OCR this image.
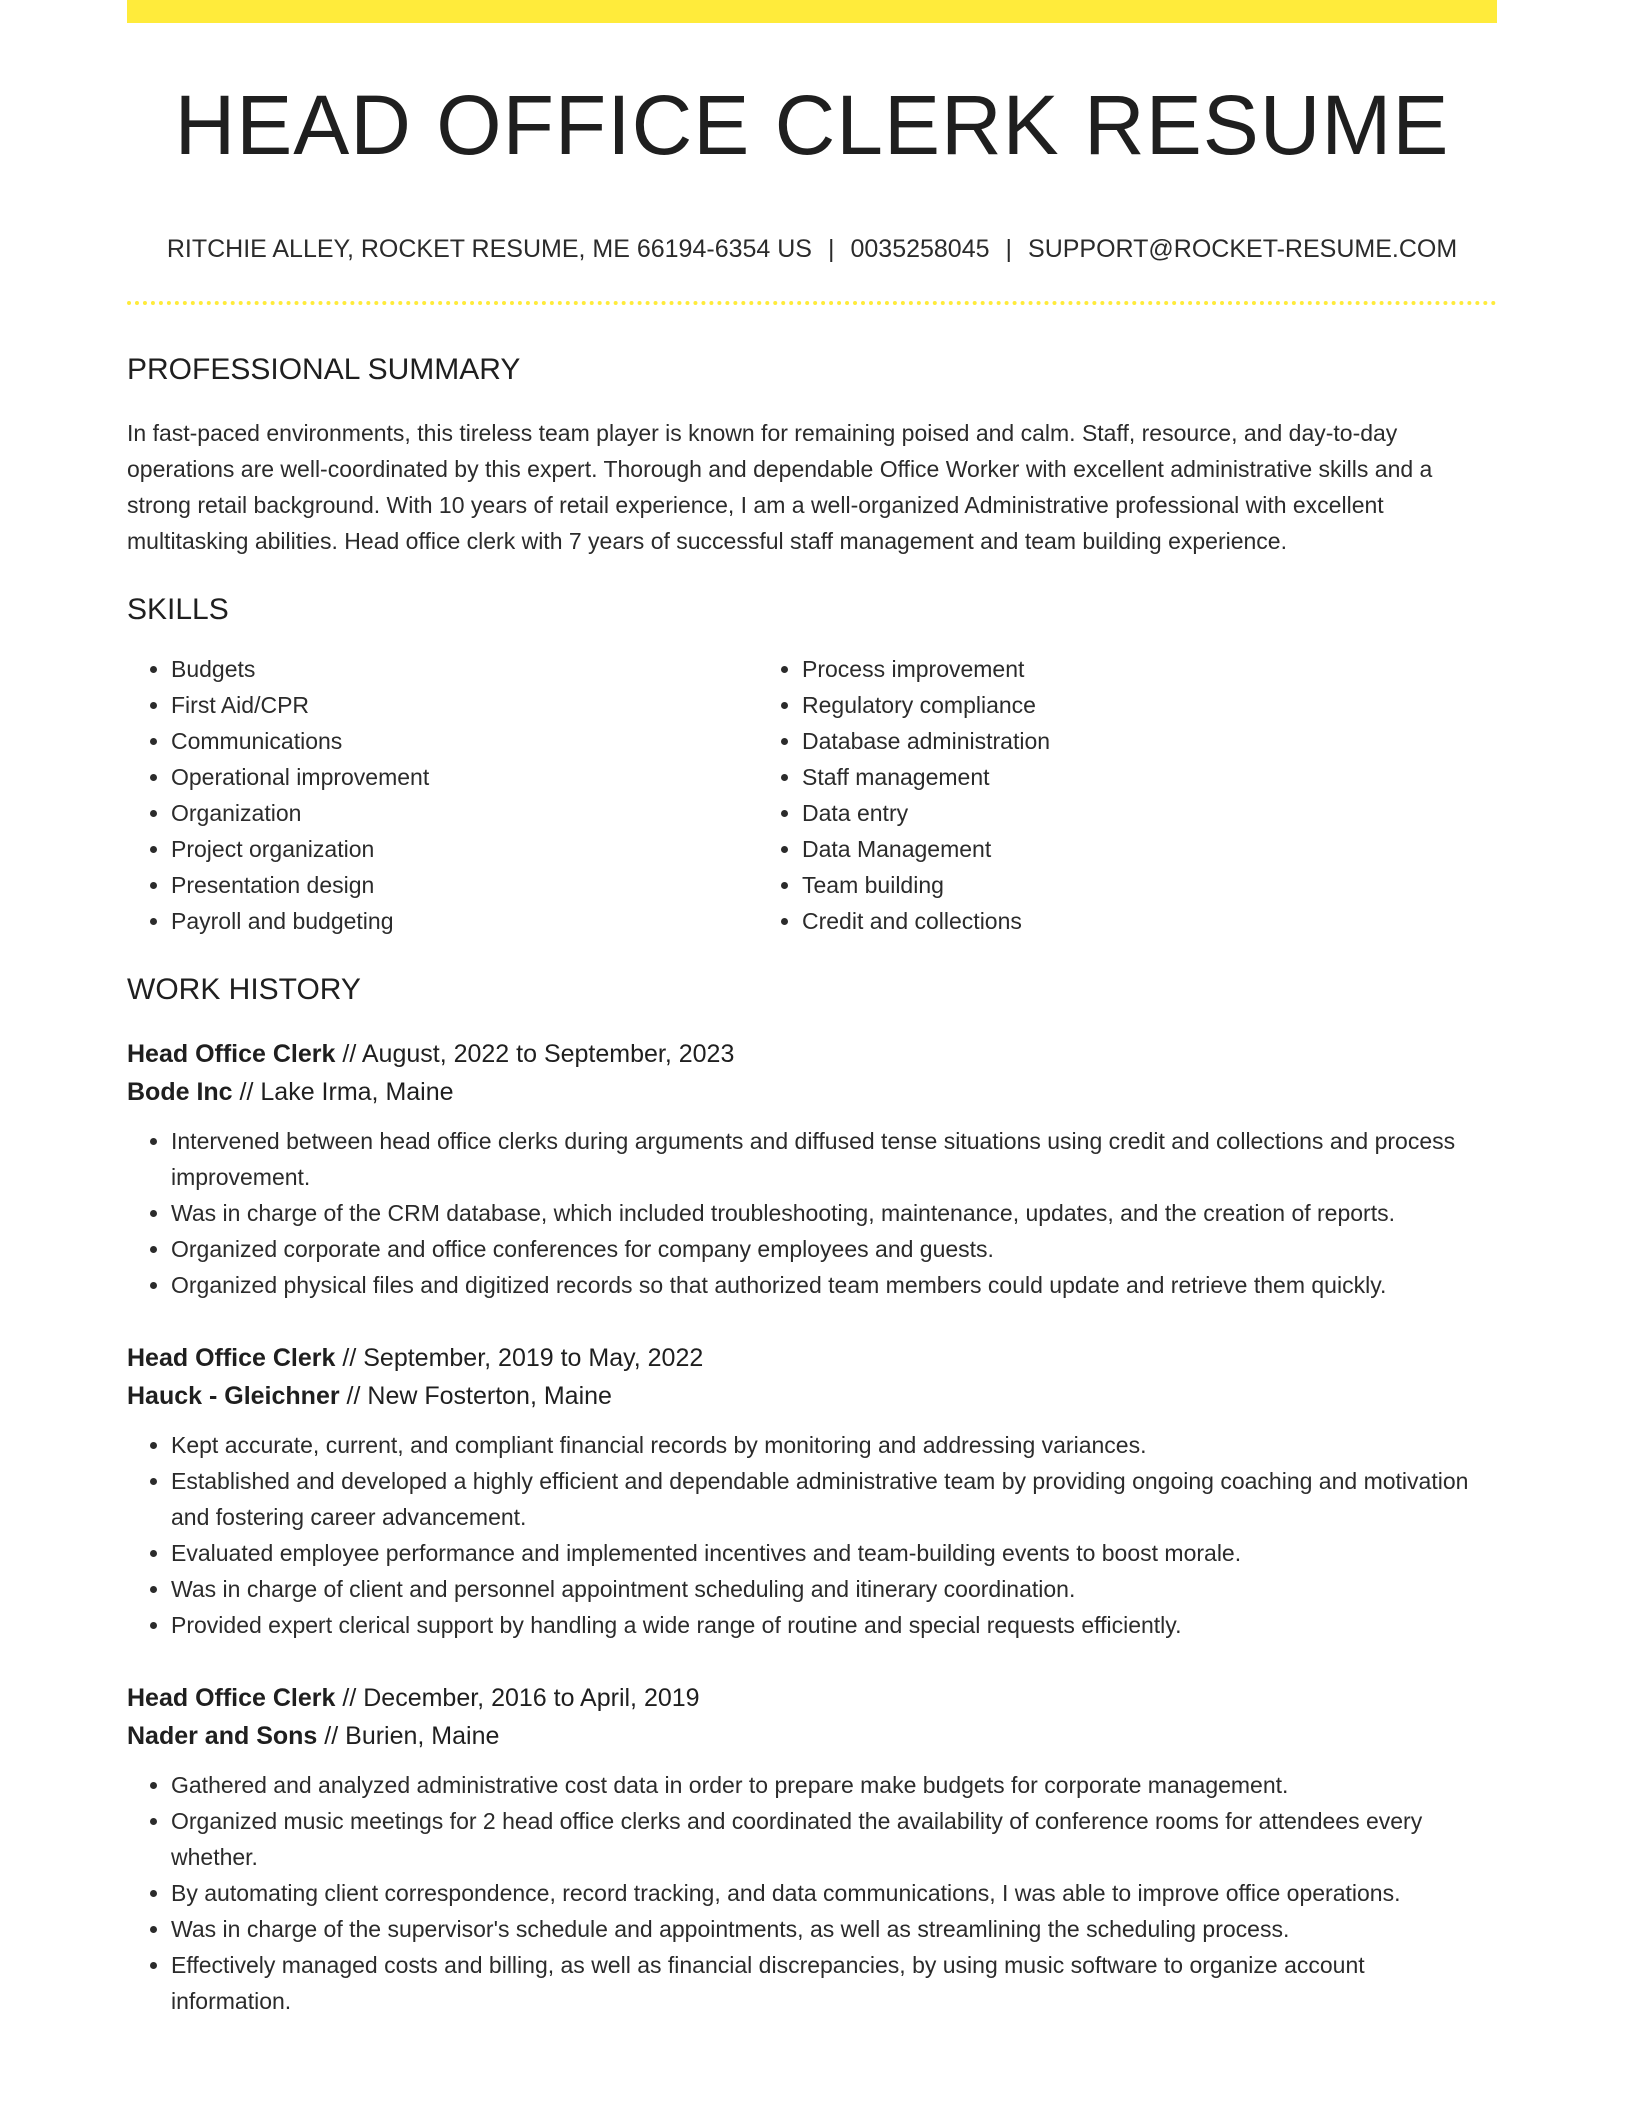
HEAD OFFICE CLERK RESUME
RITCHIE ALLEY, ROCKET RESUME, ME 66194-6354 US | 0035258045 | SUPPORT@ROCKET-RESUME.COM
PROFESSIONAL SUMMARY

In fast-paced environments, this tireless team player is known for remaining poised and calm. Staff, resource, and day-to-day operations are well-coordinated by this expert. Thorough and dependable Office Worker with excellent administrative skills and a strong retail background. With 10 years of retail experience, I am a well-organized Administrative professional with excellent multitasking abilities. Head office clerk with 7 years of successful staff management and team building experience.

SKILLS
• Budgets
• First Aid/CPR
• Communications
• Operational improvement
• Organization
• Project organization
• Presentation design
• Payroll and budgeting
• Process improvement
• Regulatory compliance
• Database administration
• Staff management
• Data entry
• Data Management
• Team building
• Credit and collections
WORK HISTORY
Head Office Clerk // August, 2022 to September, 2023
Bode Inc // Lake Irma, Maine
• Intervened between head office clerks during arguments and diffused tense situations using credit and collections and process improvement.
• Was in charge of the CRM database, which included troubleshooting, maintenance, updates, and the creation of reports.
• Organized corporate and office conferences for company employees and guests.
• Organized physical files and digitized records so that authorized team members could update and retrieve them quickly.
Head Office Clerk // September, 2019 to May, 2022
Hauck - Gleichner // New Fosterton, Maine
• Kept accurate, current, and compliant financial records by monitoring and addressing variances.
• Established and developed a highly efficient and dependable administrative team by providing ongoing coaching and motivation and fostering career advancement.
• Evaluated employee performance and implemented incentives and team-building events to boost morale.
• Was in charge of client and personnel appointment scheduling and itinerary coordination.
• Provided expert clerical support by handling a wide range of routine and special requests efficiently.
Head Office Clerk // December, 2016 to April, 2019
Nader and Sons // Burien, Maine
• Gathered and analyzed administrative cost data in order to prepare make budgets for corporate management.
• Organized music meetings for 2 head office clerks and coordinated the availability of conference rooms for attendees every whether.
• By automating client correspondence, record tracking, and data communications, I was able to improve office operations.
• Was in charge of the supervisor's schedule and appointments, as well as streamlining the scheduling process.
• Effectively managed costs and billing, as well as financial discrepancies, by using music software to organize account information.
